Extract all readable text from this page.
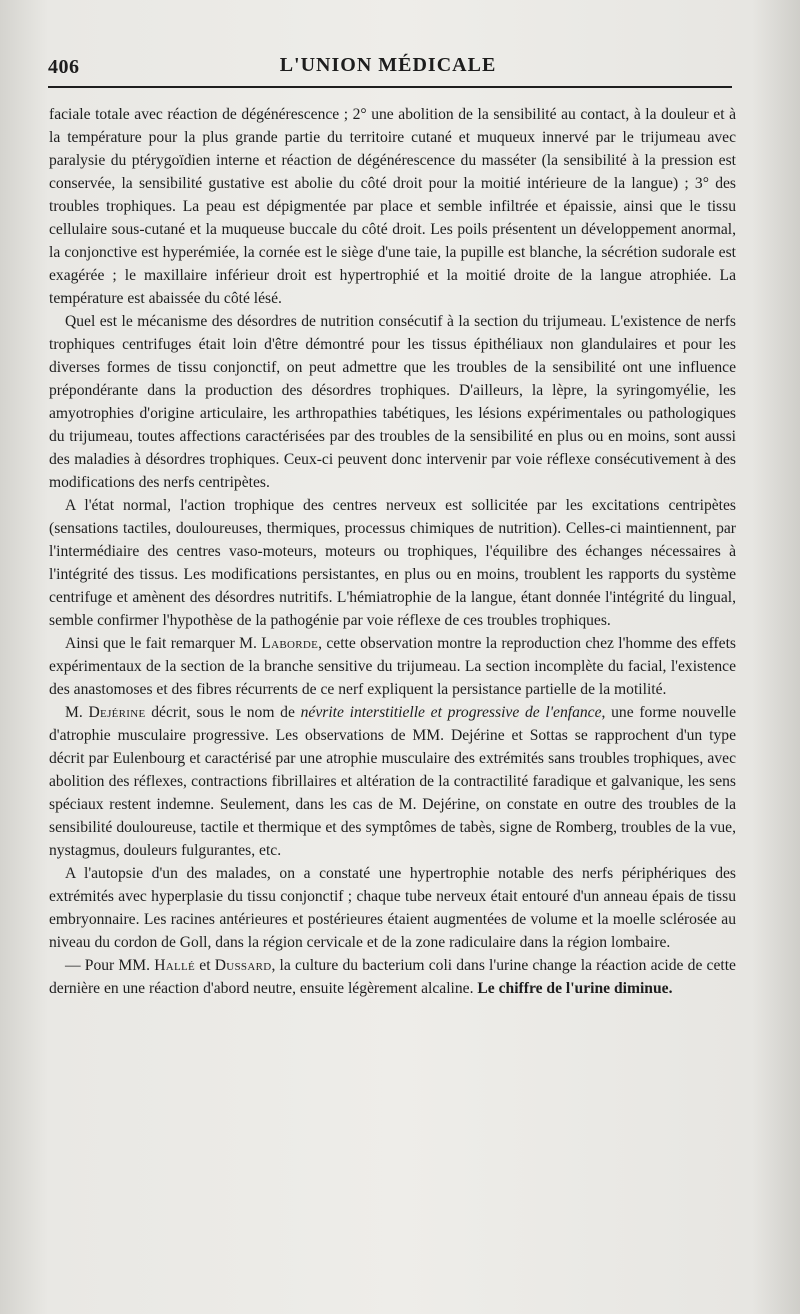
406	L'UNION MÉDICALE

faciale totale avec réaction de dégénérescence ; 2° une abolition de la sensibilité au contact, à la douleur et à la température pour la plus grande partie du territoire cutané et muqueux innervé par le trijumeau avec paralysie du ptérygoïdien interne et réaction de dégénérescence du masséter (la sensibilité à la pression est conservée, la sensibilité gustative est abolie du côté droit pour la moitié intérieure de la langue) ; 3° des troubles trophiques. La peau est dépigmentée par place et semble infiltrée et épaissie, ainsi que le tissu cellulaire sous-cutané et la muqueuse buccale du côté droit. Les poils présentent un développement anormal, la conjonctive est hyperémiée, la cornée est le siège d'une taie, la pupille est blanche, la sécrétion sudorale est exagérée ; le maxillaire inférieur droit est hypertrophié et la moitié droite de la langue atrophiée. La température est abaissée du côté lésé.

Quel est le mécanisme des désordres de nutrition consécutif à la section du trijumeau. L'existence de nerfs trophiques centrifuges était loin d'être démontré pour les tissus épithéliaux non glandulaires et pour les diverses formes de tissu conjonctif, on peut admettre que les troubles de la sensibilité ont une influence prépondérante dans la production des désordres trophiques. D'ailleurs, la lèpre, la syringomyélie, les amyotrophies d'origine articulaire, les arthropathies tabétiques, les lésions expérimentales ou pathologiques du trijumeau, toutes affections caractérisées par des troubles de la sensibilité en plus ou en moins, sont aussi des maladies à désordres trophiques. Ceux-ci peuvent donc intervenir par voie réflexe consécutivement à des modifications des nerfs centripètes.

A l'état normal, l'action trophique des centres nerveux est sollicitée par les excitations centripètes (sensations tactiles, douloureuses, thermiques, processus chimiques de nutrition). Celles-ci maintiennent, par l'intermédiaire des centres vaso-moteurs, moteurs ou trophiques, l'équilibre des échanges nécessaires à l'intégrité des tissus. Les modifications persistantes, en plus ou en moins, troublent les rapports du système centrifuge et amènent des désordres nutritifs. L'hémiatrophie de la langue, étant donnée l'intégrité du lingual, semble confirmer l'hypothèse de la pathogénie par voie réflexe de ces troubles trophiques.

Ainsi que le fait remarquer M. Laborde, cette observation montre la reproduction chez l'homme des effets expérimentaux de la section de la branche sensitive du trijumeau. La section incomplète du facial, l'existence des anastomoses et des fibres récurrents de ce nerf expliquent la persistance partielle de la motilité.

M. Dejérine décrit, sous le nom de névrite interstitielle et progressive de l'enfance, une forme nouvelle d'atrophie musculaire progressive. Les observations de MM. Dejérine et Sottas se rapprochent d'un type décrit par Eulenbourg et caractérisé par une atrophie musculaire des extrémités sans troubles trophiques, avec abolition des réflexes, contractions fibrillaires et altération de la contractilité faradique et galvanique, les sens spéciaux restent indemne. Seulement, dans les cas de M. Dejérine, on constate en outre des troubles de la sensibilité douloureuse, tactile et thermique et des symptômes de tabès, signe de Romberg, troubles de la vue, nystagmus, douleurs fulgurantes, etc.

A l'autopsie d'un des malades, on a constaté une hypertrophie notable des nerfs périphériques des extrémités avec hyperplasie du tissu conjonctif ; chaque tube nerveux était entouré d'un anneau épais de tissu embryonnaire. Les racines antérieures et postérieures étaient augmentées de volume et la moelle sclérosée au niveau du cordon de Goll, dans la région cervicale et de la zone radiculaire dans la région lombaire.

— Pour MM. Hallé et Dussard, la culture du bacterium coli dans l'urine change la réaction acide de cette dernière en une réaction d'abord neutre, ensuite légèrement alcaline. Le chiffre de l'urine diminue.
